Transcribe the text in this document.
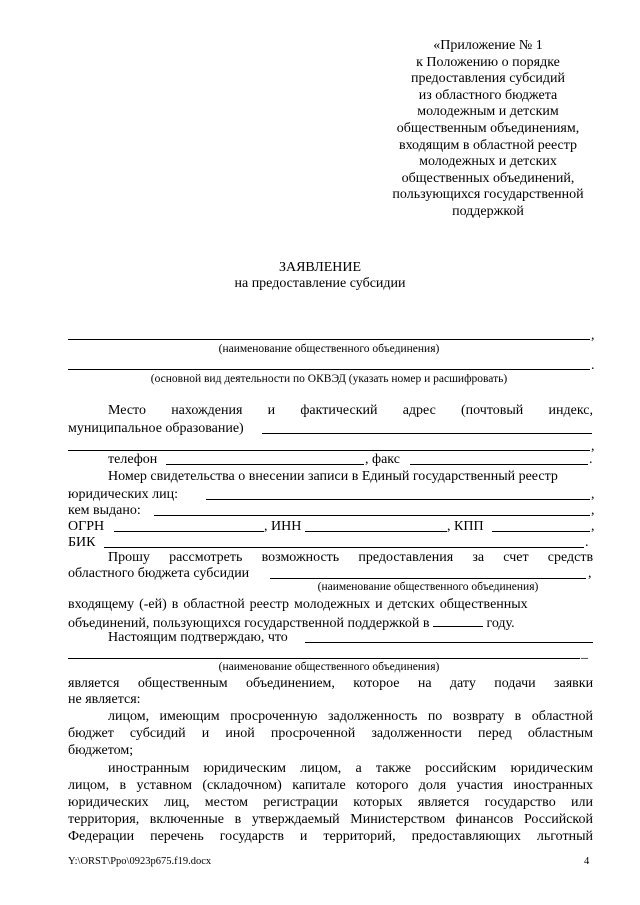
«Приложение № 1
к Положению о порядке
предоставления субсидий
из областного бюджета
молодежным и детским
общественным объединениям,
входящим в областной реестр
молодежных и детских
общественных объединений,
пользующихся государственной
поддержкой
ЗАЯВЛЕНИЕ
на предоставление субсидии
,
(наименование общественного объединения)
.
(основной вид деятельности по ОКВЭД (указать номер и расшифровать)
Место нахождения и фактический адрес (почтовый индекс,
муниципальное образование)
,
телефон	, факс	.
Номер свидетельства о внесении записи в Единый государственный реестр
юридических лиц:	,
кем выдано:	,
ОГРН	, ИНН	, КПП	,
БИК	.
Прошу рассмотреть возможность предоставления за счет средств
областного бюджета субсидии	,
(наименование общественного объединения)
входящему (-ей) в областной реестр молодежных и детских общественных
объединений, пользующихся государственной поддержкой в	году.
Настоящим подтверждаю, что
_
(наименование общественного объединения)
является общественным объединением, которое на дату подачи заявки
не является:
лицом, имеющим просроченную задолженность по возврату в областной
бюджет субсидий и иной просроченной задолженности перед областным
бюджетом;
иностранным юридическим лицом, а также российским юридическим
лицом, в уставном (складочном) капитале которого доля участия иностранных
юридических лиц, местом регистрации которых является государство или
территория, включенные в утверждаемый Министерством финансов Российской
Федерации перечень государств и территорий, предоставляющих льготный
Y:\ORST\Ppo\0923p675.f19.docx	4
